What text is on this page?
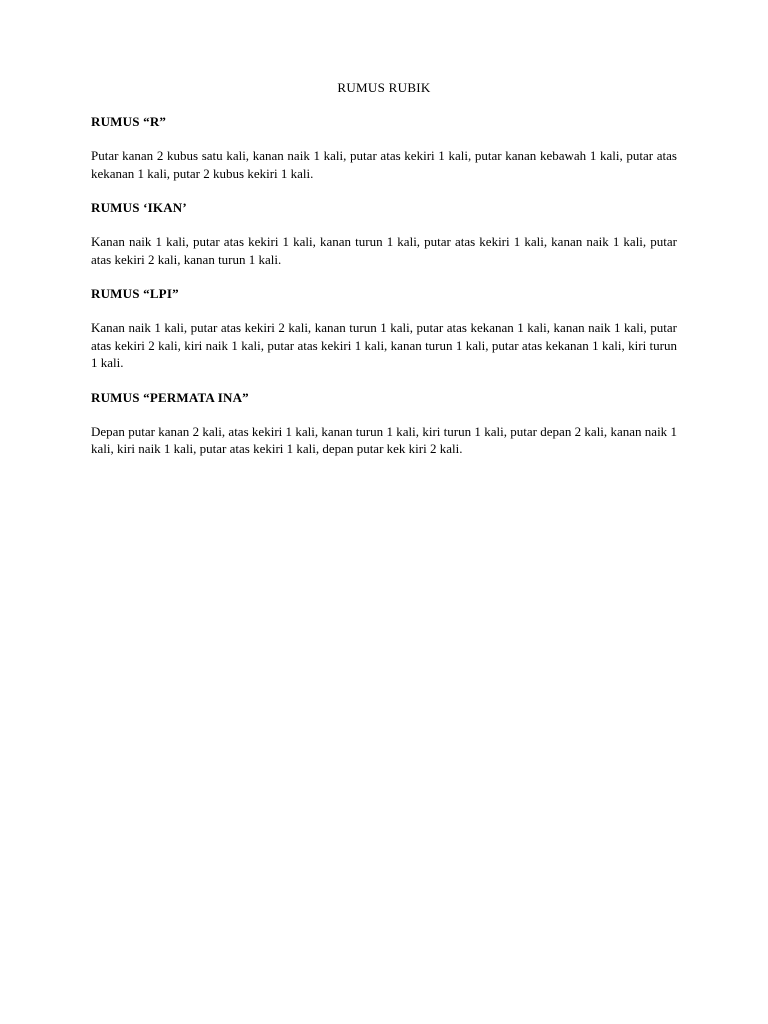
RUMUS RUBIK

RUMUS “R”

Putar kanan 2 kubus satu kali, kanan naik 1 kali, putar atas kekiri 1 kali, putar kanan kebawah 1 kali, putar atas kekanan 1 kali, putar 2 kubus kekiri 1 kali.

RUMUS ‘IKAN’

Kanan naik 1 kali, putar atas kekiri 1 kali, kanan turun 1 kali, putar atas kekiri 1 kali, kanan naik 1 kali, putar atas kekiri 2 kali, kanan turun 1 kali.

RUMUS “LPI”

Kanan naik 1 kali, putar atas kekiri 2 kali, kanan turun 1 kali, putar atas kekanan 1 kali, kanan naik 1 kali, putar atas kekiri 2 kali, kiri naik 1 kali, putar atas kekiri 1 kali, kanan turun 1 kali, putar atas kekanan 1 kali, kiri turun 1 kali.

RUMUS “PERMATA INA”

Depan putar kanan 2 kali, atas kekiri 1 kali, kanan turun 1 kali, kiri turun 1 kali, putar depan 2 kali, kanan naik 1 kali, kiri naik 1 kali, putar atas kekiri 1 kali, depan putar kek kiri 2 kali.
